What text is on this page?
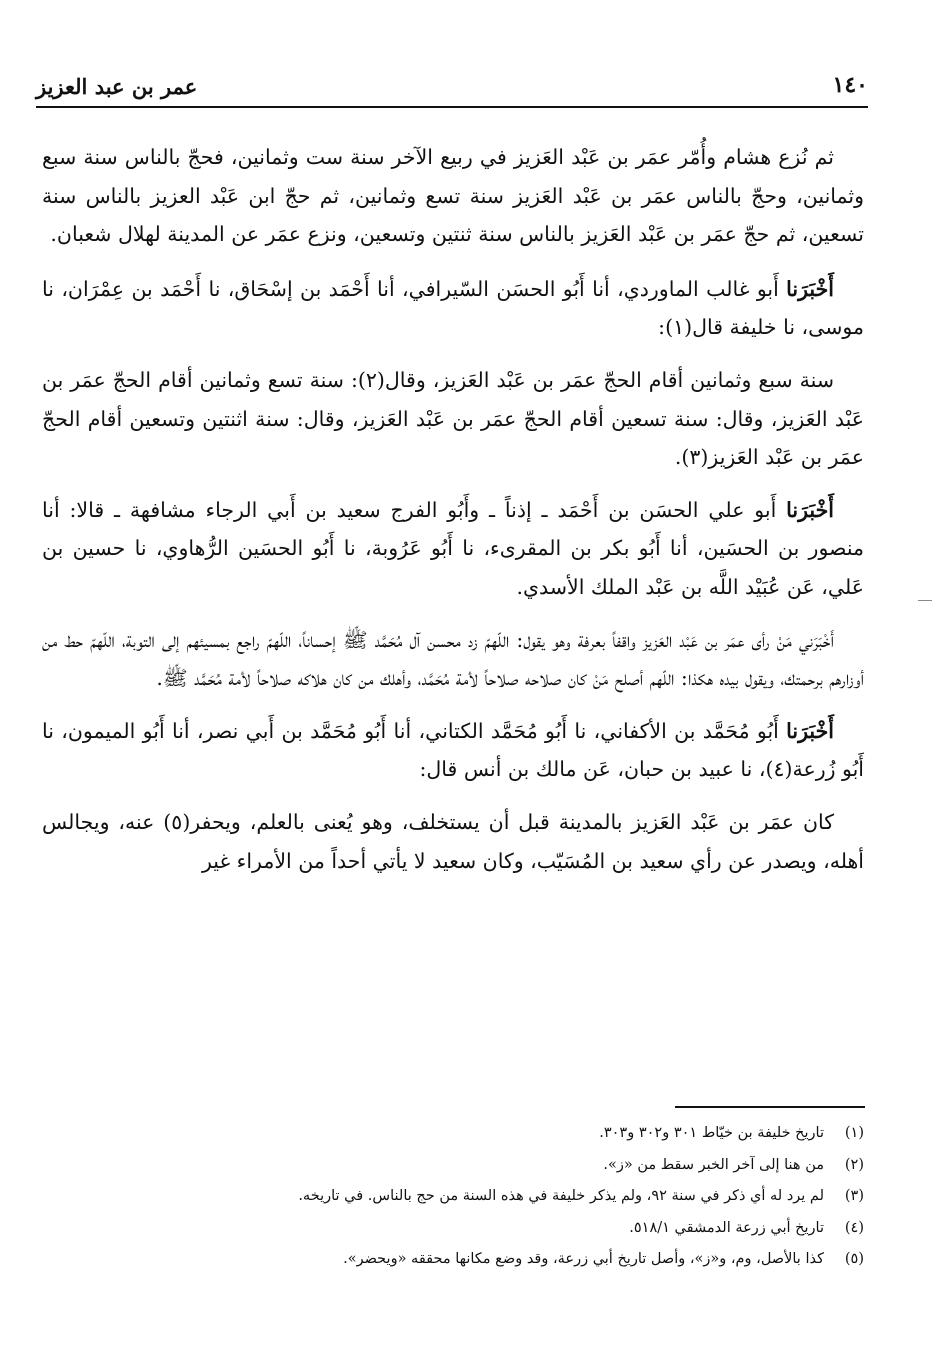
عمر بن عبد العزيز	١٤٠

ثم نُزع هشام وأُمّر عمَر بن عَبْد العَزيز في ربيع الآخر سنة ست وثمانين، فحجّ بالناس سنة سبع وثمانين، وحجّ بالناس عمَر بن عَبْد العَزيز سنة تسع وثمانين، ثم حجّ ابن عَبْد العزيز بالناس سنة تسعين، ثم حجّ عمَر بن عَبْد العَزيز بالناس سنة ثنتين وتسعين، ونزع عمَر عن المدينة لهلال شعبان.

أَخْبَرَنا أَبو غالب الماوردي، أنا أَبُو الحسَن السّيرافي، أنا أَحْمَد بن إسْحَاق، نا أَحْمَد بن عِمْرَان، نا موسى، نا خليفة قال(١):

سنة سبع وثمانين أقام الحجّ عمَر بن عَبْد العَزيز، وقال(٢): سنة تسع وثمانين أقام الحجّ عمَر بن عَبْد العَزيز، وقال: سنة تسعين أقام الحجّ عمَر بن عَبْد العَزيز، وقال: سنة اثنتين وتسعين أقام الحجّ عمَر بن عَبْد العَزيز(٣).

أَخْبَرَنا أَبو علي الحسَن بن أَحْمَد ـ إذناً ـ وأَبُو الفرج سعيد بن أَبي الرجاء مشافهة ـ قالا: أنا منصور بن الحسَين، أنا أَبُو بكر بن المقرىء، نا أَبُو عَرُوبة، نا أَبُو الحسَين الرُّهاوي، نا حسين بن عَلي، عَن عُبَيْد اللَّه بن عَبْد الملك الأسدي.

أَخْبَرَني مَنْ رأى عمَر بن عَبْد العَزيز واقفاً بعرفة وهو يقول: اللّهمّ زد محسن آل مُحَمَّد ﷺ إحساناً، اللّهمّ راجع بمسيئهم إلى التوبة، اللّهمّ حط من أوزارهم برحمتك، ويقول بيده هكذا: اللّهم أصلح مَنْ كان صلاحه صلاحاً لأمة مُحَمَّد، وأهلك من كان هلاكه صلاحاً لأمة مُحَمَّد ﷺ.

أَخْبَرَنا أَبُو مُحَمَّد بن الأكفاني، نا أَبُو مُحَمَّد الكتاني، أنا أَبُو مُحَمَّد بن أَبي نصر، أنا أَبُو الميمون، نا أَبُو زُرعة(٤)، نا عبيد بن حبان، عَن مالك بن أنس قال:

كان عمَر بن عَبْد العَزيز بالمدينة قبل أن يستخلف، وهو يُعنى بالعلم، ويحفر(٥) عنه، ويجالس أهله، ويصدر عن رأي سعيد بن المُسَيّب، وكان سعيد لا يأتي أحداً من الأمراء غير

(١)
تاريخ خليفة بن خيّاط ٣٠١ و٣٠٢ و٣٠٣.
(٢)
من هنا إلى آخر الخبر سقط من «ز».
(٣)
لم يرد له أي ذكر في سنة ٩٢، ولم يذكر خليفة في هذه السنة من حج بالناس. في تاريخه.
(٤)
تاريخ أبي زرعة الدمشقي ٥١٨/١.
(٥)
كذا بالأصل، وم، و«ز»، وأصل تاريخ أبي زرعة، وقد وضع مكانها محققه «ويحضر».
